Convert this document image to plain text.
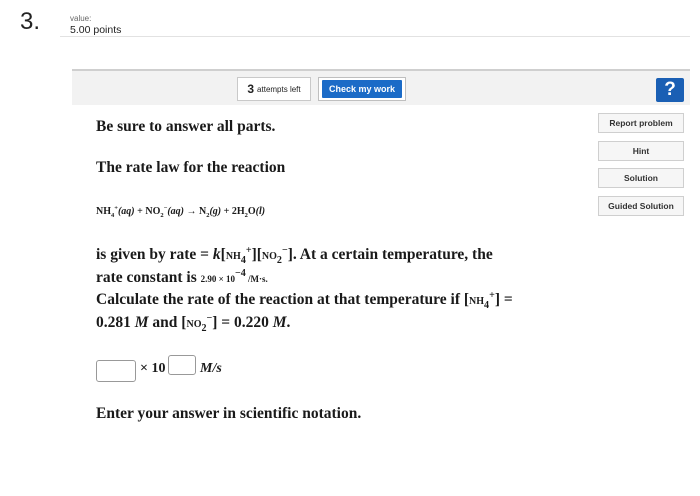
3.	value:
5.00 points
3 attempts left	Check my work	?
Report problem
Hint
Solution
Guided Solution
Be sure to answer all parts.
The rate law for the reaction
$NH_4^+(aq) + NO_2^-(aq) \to N_2(g) + 2H_2O(l)$
is given by rate = $k[NH_4^+][NO_2^-]$. At a certain temperature, the
rate constant is $2.90 \times 10^{-4}$ /M·s.
Calculate the rate of the reaction at that temperature if $[NH_4^+]$ =
0.281 M and $[NO_2^-] = 0.220$ M.
× 10 M/s
Enter your answer in scientific notation.
